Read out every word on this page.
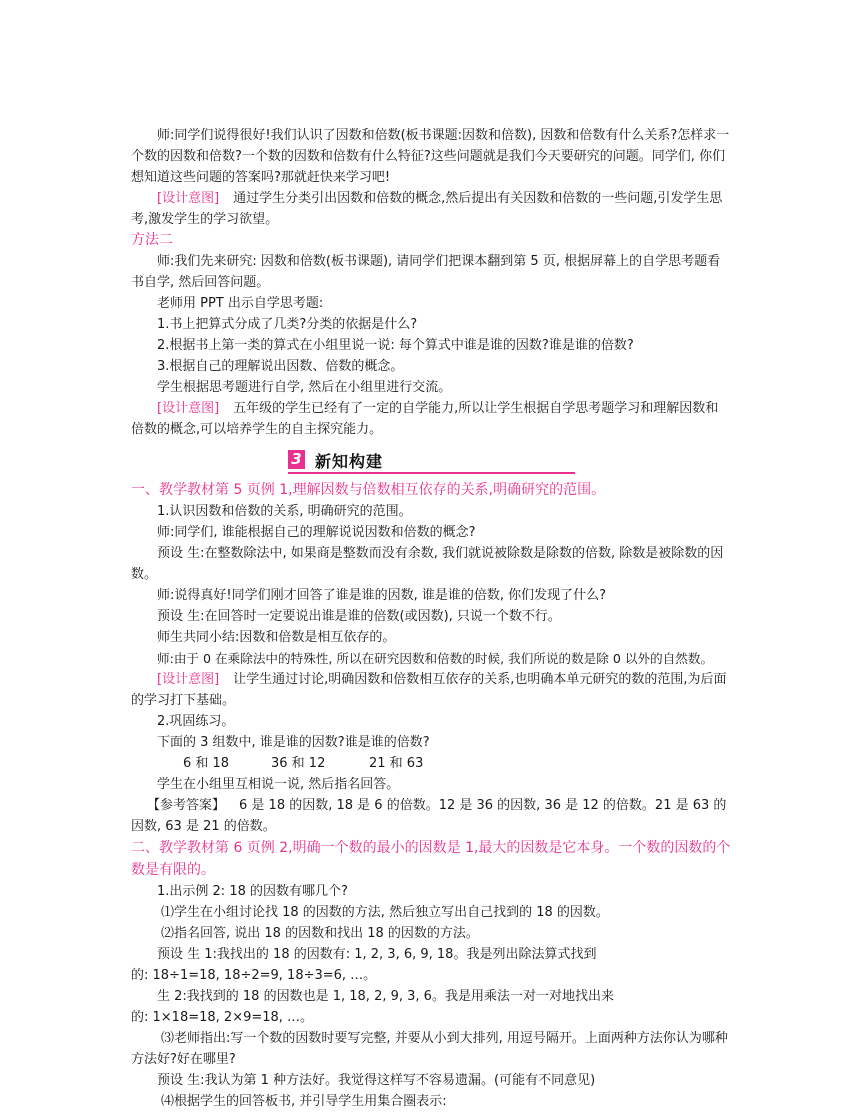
师:同学们说得很好!我们认识了因数和倍数(板书课题:因数和倍数), 因数和倍数有什么关系?怎样求一个数的因数和倍数?一个数的因数和倍数有什么特征?这些问题就是我们今天要研究的问题。同学们, 你们想知道这些问题的答案吗?那就赶快来学习吧!

[设计意图] 通过学生分类引出因数和倍数的概念,然后提出有关因数和倍数的一些问题,引发学生思考,激发学生的学习欲望。

方法二

师:我们先来研究: 因数和倍数(板书课题), 请同学们把课本翻到第 5 页, 根据屏幕上的自学思考题看书自学, 然后回答问题。

老师用 PPT 出示自学思考题:

1.书上把算式分成了几类?分类的依据是什么?

2.根据书上第一类的算式在小组里说一说: 每个算式中谁是谁的因数?谁是谁的倍数?

3.根据自己的理解说出因数、倍数的概念。

学生根据思考题进行自学, 然后在小组里进行交流。

[设计意图] 五年级的学生已经有了一定的自学能力,所以让学生根据自学思考题学习和理解因数和倍数的概念,可以培养学生的自主探究能力。

3 新知构建

一、教学教材第 5 页例 1,理解因数与倍数相互依存的关系,明确研究的范围。

1.认识因数和倍数的关系, 明确研究的范围。

师:同学们, 谁能根据自己的理解说说因数和倍数的概念?

预设 生:在整数除法中, 如果商是整数而没有余数, 我们就说被除数是除数的倍数, 除数是被除数的因数。

师:说得真好!同学们刚才回答了谁是谁的因数, 谁是谁的倍数, 你们发现了什么?

预设 生:在回答时一定要说出谁是谁的倍数(或因数), 只说一个数不行。

师生共同小结:因数和倍数是相互依存的。

师:由于 0 在乘除法中的特殊性, 所以在研究因数和倍数的时候, 我们所说的数是除 0 以外的自然数。

[设计意图] 让学生通过讨论,明确因数和倍数相互依存的关系,也明确本单元研究的数的范围,为后面的学习打下基础。

2.巩固练习。

下面的 3 组数中, 谁是谁的因数?谁是谁的倍数?

6 和 18	36 和 12	21 和 63

学生在小组里互相说一说, 然后指名回答。

【参考答案】 6 是 18 的因数, 18 是 6 的倍数。12 是 36 的因数, 36 是 12 的倍数。21 是 63 的因数, 63 是 21 的倍数。

二、教学教材第 6 页例 2,明确一个数的最小的因数是 1,最大的因数是它本身。一个数的因数的个数是有限的。

1.出示例 2: 18 的因数有哪几个?

⑴学生在小组讨论找 18 的因数的方法, 然后独立写出自己找到的 18 的因数。

⑵指名回答, 说出 18 的因数和找出 18 的因数的方法。

预设 生 1:我找出的 18 的因数有: 1, 2, 3, 6, 9, 18。我是列出除法算式找到

的: 18÷1=18, 18÷2=9, 18÷3=6, …。

生 2:我找到的 18 的因数也是 1, 18, 2, 9, 3, 6。我是用乘法一对一对地找出来

的: 1×18=18, 2×9=18, …。

⑶老师指出:写一个数的因数时要写完整, 并要从小到大排列, 用逗号隔开。上面两种方法你认为哪种方法好?好在哪里?

预设 生:我认为第 1 种方法好。我觉得这样写不容易遗漏。(可能有不同意见)

⑷根据学生的回答板书, 并引导学生用集合圈表示:
